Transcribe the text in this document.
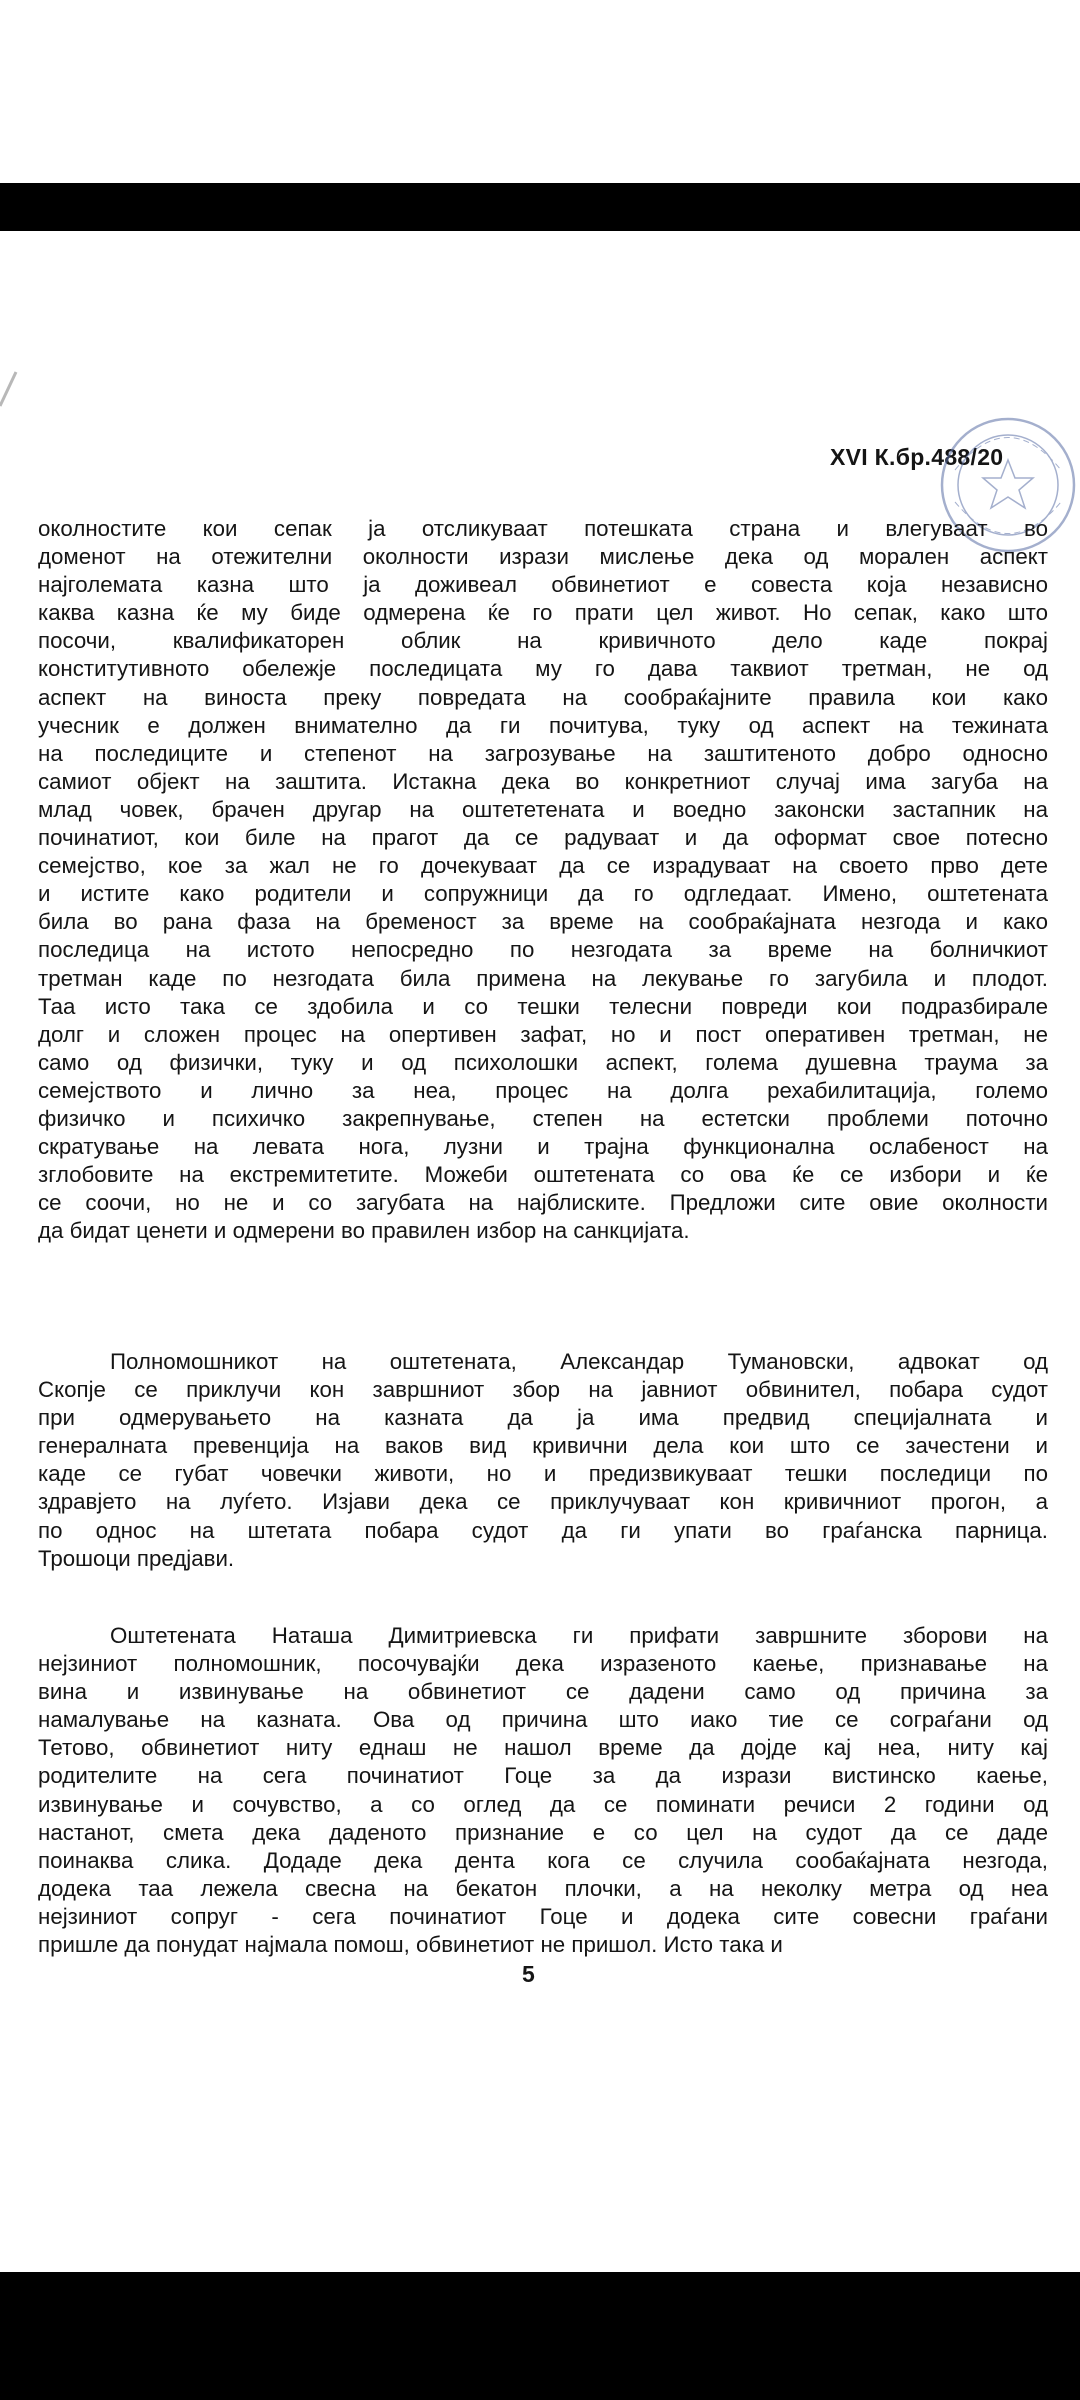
XVI К.бр.488/20
околностите кои сепак ја отсликуваат потешката страна и влегуваат во
доменот на отежителни околности изрази мислење дека од морален аспект
најголемата казна што ја доживеал обвинетиот е совеста која независно
каква казна ќе му биде одмерена ќе го прати цел живот. Но сепак, како што
посочи, квалификаторен облик на кривичното дело каде покрај
конститутивното обележје последицата му го дава таквиот третман, не од
аспект на виноста преку повредата на сообраќајните правила кои како
учесник е должен внимателно да ги почитува, туку од аспект на тежината
на последиците и степенот на загрозување на заштитеното добро односно
самиот објект на заштита. Истакна дека во конкретниот случај има загуба на
млад човек, брачен другар на оштететената и воедно законски застапник на
починатиот, кои биле на прагот да се радуваат и да оформат свое потесно
семејство, кое за жал не го дочекуваат да се израдуваат на своето прво дете
и иститe како родители и сопружници да го одгледаат. Имено, оштетената
била во рана фаза на бременост за време на сообраќајната незгода и како
последица на истото непосредно по незгодата за време на болничкиот
третман каде по незгодата била примена на лекување го загубила и плодот.
Таа исто така се здобила и со тешки телесни повреди кои подразбирале
долг и сложен процес на опертивен зафат, но и пост оперативен третман, не
само од физички, туку и од психолошки аспект, големa душевна траума за
семејството и лично за неа, процес на долга рехабилитација, големо
физичко и психичко закрепнување, степен на естетски проблеми поточно
скратување на левата нога, лузни и трајна функционална ослабеност на
зглобовите на екстремитетите. Можеби оштетената со ова ќе се избори и ќе
се соочи, но не и со загубата на најблиските. Предложи сите овие околности
да бидат ценети и одмерени во правилен избор на санкцијата.
Полномошникот на оштетената, Александар Тумановски, адвокат од
Скопје се приклучи кон завршниот збор на јавниот обвинител, побара судот
при одмерувањето на казната да ја има предвид специјалната и
генералната превенција на ваков вид кривични дела кои што се зачестени и
каде се губат човечки животи, но и предизвикуваат тешки последици по
здравјето на луѓето. Изјави дека се приклучуваат кон кривичниот прогон, а
по однос на штетата побара судот да ги упати во граѓанска парница.
Трошоци предјави.
Оштетената Наташа Димитриевска ги прифати завршните зборови на
нејзиниот полномошник, посочувајќи дека изразеното каење, признавање на
вина и извинување на обвинетиот се дадени само од причина за
намалување на казната. Ова од причина што иако тие се сограѓани од
Тетово, обвинетиот ниту еднаш не нашол време да дојде кај неа, ниту кај
родителите на сега починатиот Гоце за да изрази вистинско каење,
извинување и сочувство, а со оглед да се поминати речиси 2 години од
настанот, смета дека даденото признание е со цел на судот да се даде
поинаква слика. Додаде дека дента кога се случила сообаќајната незгода,
додека таа лежела свесна на бекатон плочки, а на неколку метра од неа
нејзиниот сопруг - сега починатиот Гоце и додека сите совесни граѓани
пришле да понудат најмала помош, обвинетиот не пришол. Исто така и
5
